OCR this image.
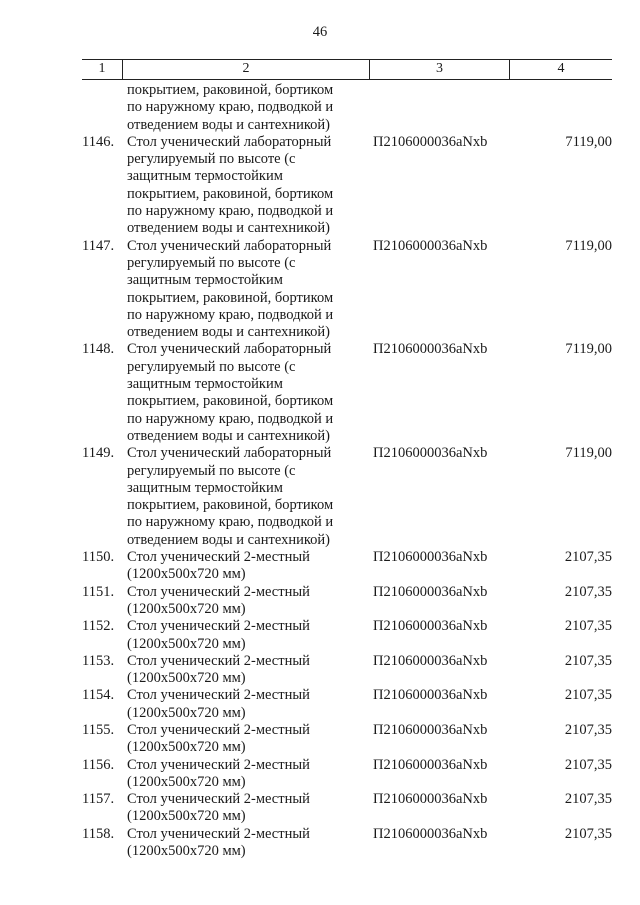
46
1	2	3	4
покрытием, раковиной, бортиком
по наружному краю, подводкой и
отведением воды и сантехникой)
1146. Стол ученический лабораторный
регулируемый по высоте (с
защитным термостойким
покрытием, раковиной, бортиком
по наружному краю, подводкой и
отведением воды и сантехникой)
П2106000036aNxb	7119,00
1147. Стол ученический лабораторный
регулируемый по высоте (с
защитным термостойким
покрытием, раковиной, бортиком
по наружному краю, подводкой и
отведением воды и сантехникой)
П2106000036aNxb	7119,00
1148. Стол ученический лабораторный
регулируемый по высоте (с
защитным термостойким
покрытием, раковиной, бортиком
по наружному краю, подводкой и
отведением воды и сантехникой)
П2106000036aNxb	7119,00
1149. Стол ученический лабораторный
регулируемый по высоте (с
защитным термостойким
покрытием, раковиной, бортиком
по наружному краю, подводкой и
отведением воды и сантехникой)
П2106000036aNxb	7119,00
1150. Стол ученический 2-местный
(1200x500x720 мм)
П2106000036aNxb	2107,35
1151. Стол ученический 2-местный
(1200x500x720 мм)
П2106000036aNxb	2107,35
1152. Стол ученический 2-местный
(1200x500x720 мм)
П2106000036aNxb	2107,35
1153. Стол ученический 2-местный
(1200x500x720 мм)
П2106000036aNxb	2107,35
1154. Стол ученический 2-местный
(1200x500x720 мм)
П2106000036aNxb	2107,35
1155. Стол ученический 2-местный
(1200x500x720 мм)
П2106000036aNxb	2107,35
1156. Стол ученический 2-местный
(1200x500x720 мм)
П2106000036aNxb	2107,35
1157. Стол ученический 2-местный
(1200x500x720 мм)
П2106000036aNxb	2107,35
1158. Стол ученический 2-местный
(1200x500x720 мм)
П2106000036aNxb	2107,35
